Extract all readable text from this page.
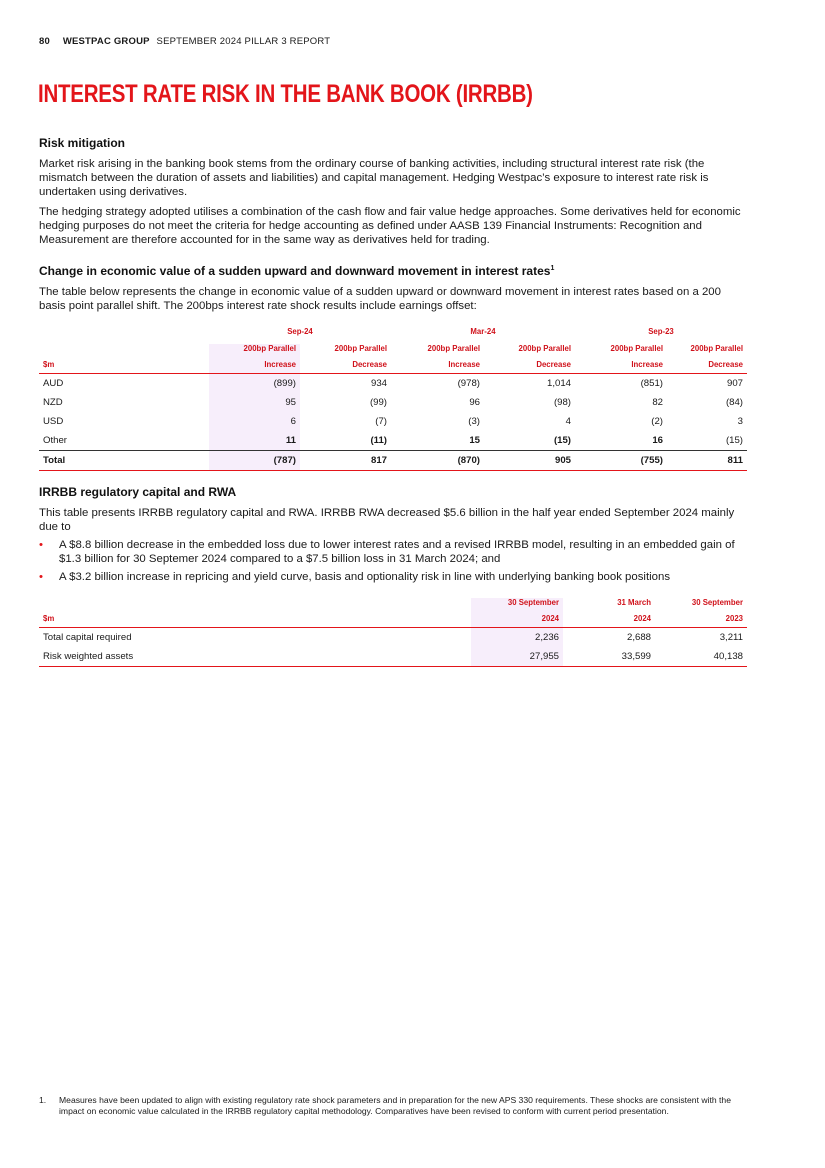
80 WESTPAC GROUP SEPTEMBER 2024 PILLAR 3 REPORT
INTEREST RATE RISK IN THE BANK BOOK (IRRBB)
Risk mitigation

Market risk arising in the banking book stems from the ordinary course of banking activities, including structural interest rate risk (the mismatch between the duration of assets and liabilities) and capital management. Hedging Westpac’s exposure to interest rate risk is undertaken using derivatives.

The hedging strategy adopted utilises a combination of the cash flow and fair value hedge approaches. Some derivatives held for economic hedging purposes do not meet the criteria for hedge accounting as defined under AASB 139 Financial Instruments: Recognition and Measurement are therefore accounted for in the same way as derivatives held for trading.

Change in economic value of a sudden upward and downward movement in interest rates$^1$

The table below represents the change in economic value of a sudden upward or downward movement in interest rates based on a 200 basis point parallel shift. The 200bps interest rate shock results include earnings offset:

	Sep-24		Mar-24		Sep-23	
	200bp Parallel	200bp Parallel	200bp Parallel	200bp Parallel	200bp Parallel	200bp Parallel
$m	Increase	Decrease	Increase	Decrease	Increase	Decrease
AUD	(899)	934	(978)	1,014	(851)	907
NZD	95	(99)	96	(98)	82	(84)
USD	6	(7)	(3)	4	(2)	3
Other	11	(11)	15	(15)	16	(15)
Total	(787)	817	(870)	905	(755)	811
IRRBB regulatory capital and RWA

This table presents IRRBB regulatory capital and RWA. IRRBB RWA decreased $5.6 billion in the half year ended September 2024 mainly due to

• A $8.8 billion decrease in the embedded loss due to lower interest rates and a revised IRRBB model, resulting in an embedded gain of $1.3 billion for 30 Septemer 2024 compared to a $7.5 billion loss in 31 March 2024; and
• A $3.2 billion increase in repricing and yield curve, basis and optionality risk in line with underlying banking book positions
	30 September	31 March	30 September
$m	2024	2024	2023
Total capital required	2,236	2,688	3,211
Risk weighted assets	27,955	33,599	40,138
1. Measures have been updated to align with existing regulatory rate shock parameters and in preparation for the new APS 330 requirements. These shocks are consistent with the impact on economic value calculated in the IRRBB regulatory capital methodology. Comparatives have been revised to conform with current period presentation.
